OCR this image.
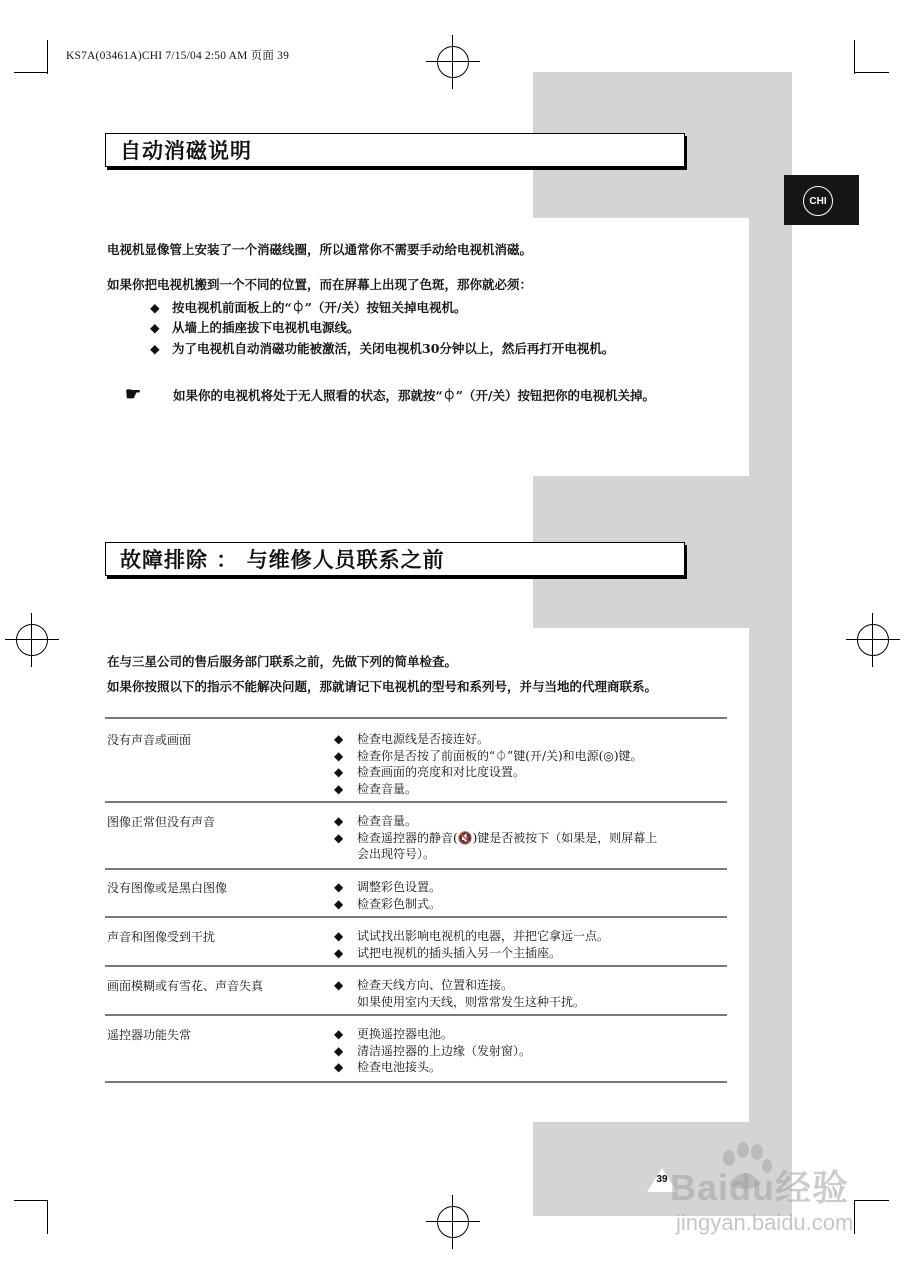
KS7A(03461A)CHI 7/15/04 2:50 AM 页面 39
CHI
自动消磁说明
电视机显像管上安装了一个消磁线圈，所以通常你不需要手动给电视机消磁。
如果你把电视机搬到一个不同的位置，而在屏幕上出现了色斑，那你就必须：
◆ 按电视机前面板上的“⏀”（开/关）按钮关掉电视机。
◆ 从墙上的插座拔下电视机电源线。
◆ 为了电视机自动消磁功能被激活，关闭电视机30分钟以上，然后再打开电视机。
☛	如果你的电视机将处于无人照看的状态，那就按“⏀”（开/关）按钮把你的电视机关掉。
故障排除 ： 与维修人员联系之前
在与三星公司的售后服务部门联系之前，先做下列的简单检查。
如果你按照以下的指示不能解决问题，那就请记下电视机的型号和系列号，并与当地的代理商联系。
没有声音或画面	◆ 检查电源线是否接连好。
◆ 检查你是否按了前面板的“⏀”键(开/关)和电源(◎)键。
◆ 检查画面的亮度和对比度设置。
◆ 检查音量。
图像正常但没有声音	◆ 检查音量。
◆ 检查遥控器的静音(🔇)键是否被按下（如果是，则屏幕上
会出现符号）。
没有图像或是黑白图像	◆ 调整彩色设置。
◆ 检查彩色制式。
声音和图像受到干扰	◆ 试试找出影响电视机的电器，并把它拿远一点。
◆ 试把电视机的插头插入另一个主插座。
画面模糊或有雪花、声音失真	◆ 检查天线方向、位置和连接。
如果使用室内天线，则常常发生这种干扰。
遥控器功能失常	◆ 更换遥控器电池。
◆ 清洁遥控器的上边缘（发射窗）。
◆ 检查电池接头。
39 Baidu经验
jingyan.baidu.com
